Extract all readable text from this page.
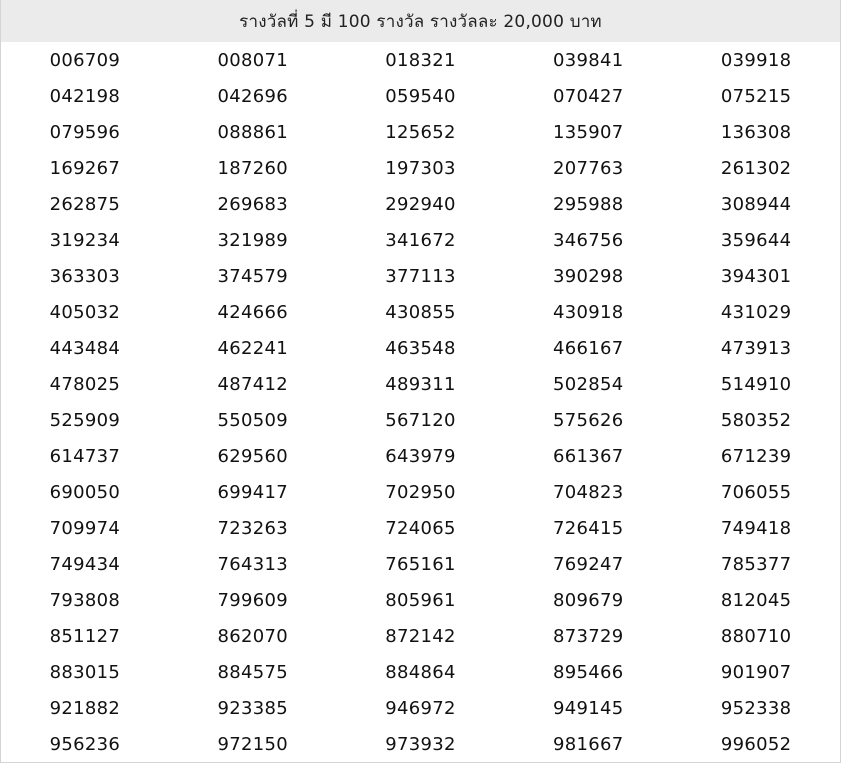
รางวัลที่ 5 มี 100 รางวัล รางวัลละ 20,000 บาท
006709	008071	018321	039841	039918
042198	042696	059540	070427	075215
079596	088861	125652	135907	136308
169267	187260	197303	207763	261302
262875	269683	292940	295988	308944
319234	321989	341672	346756	359644
363303	374579	377113	390298	394301
405032	424666	430855	430918	431029
443484	462241	463548	466167	473913
478025	487412	489311	502854	514910
525909	550509	567120	575626	580352
614737	629560	643979	661367	671239
690050	699417	702950	704823	706055
709974	723263	724065	726415	749418
749434	764313	765161	769247	785377
793808	799609	805961	809679	812045
851127	862070	872142	873729	880710
883015	884575	884864	895466	901907
921882	923385	946972	949145	952338
956236	972150	973932	981667	996052
